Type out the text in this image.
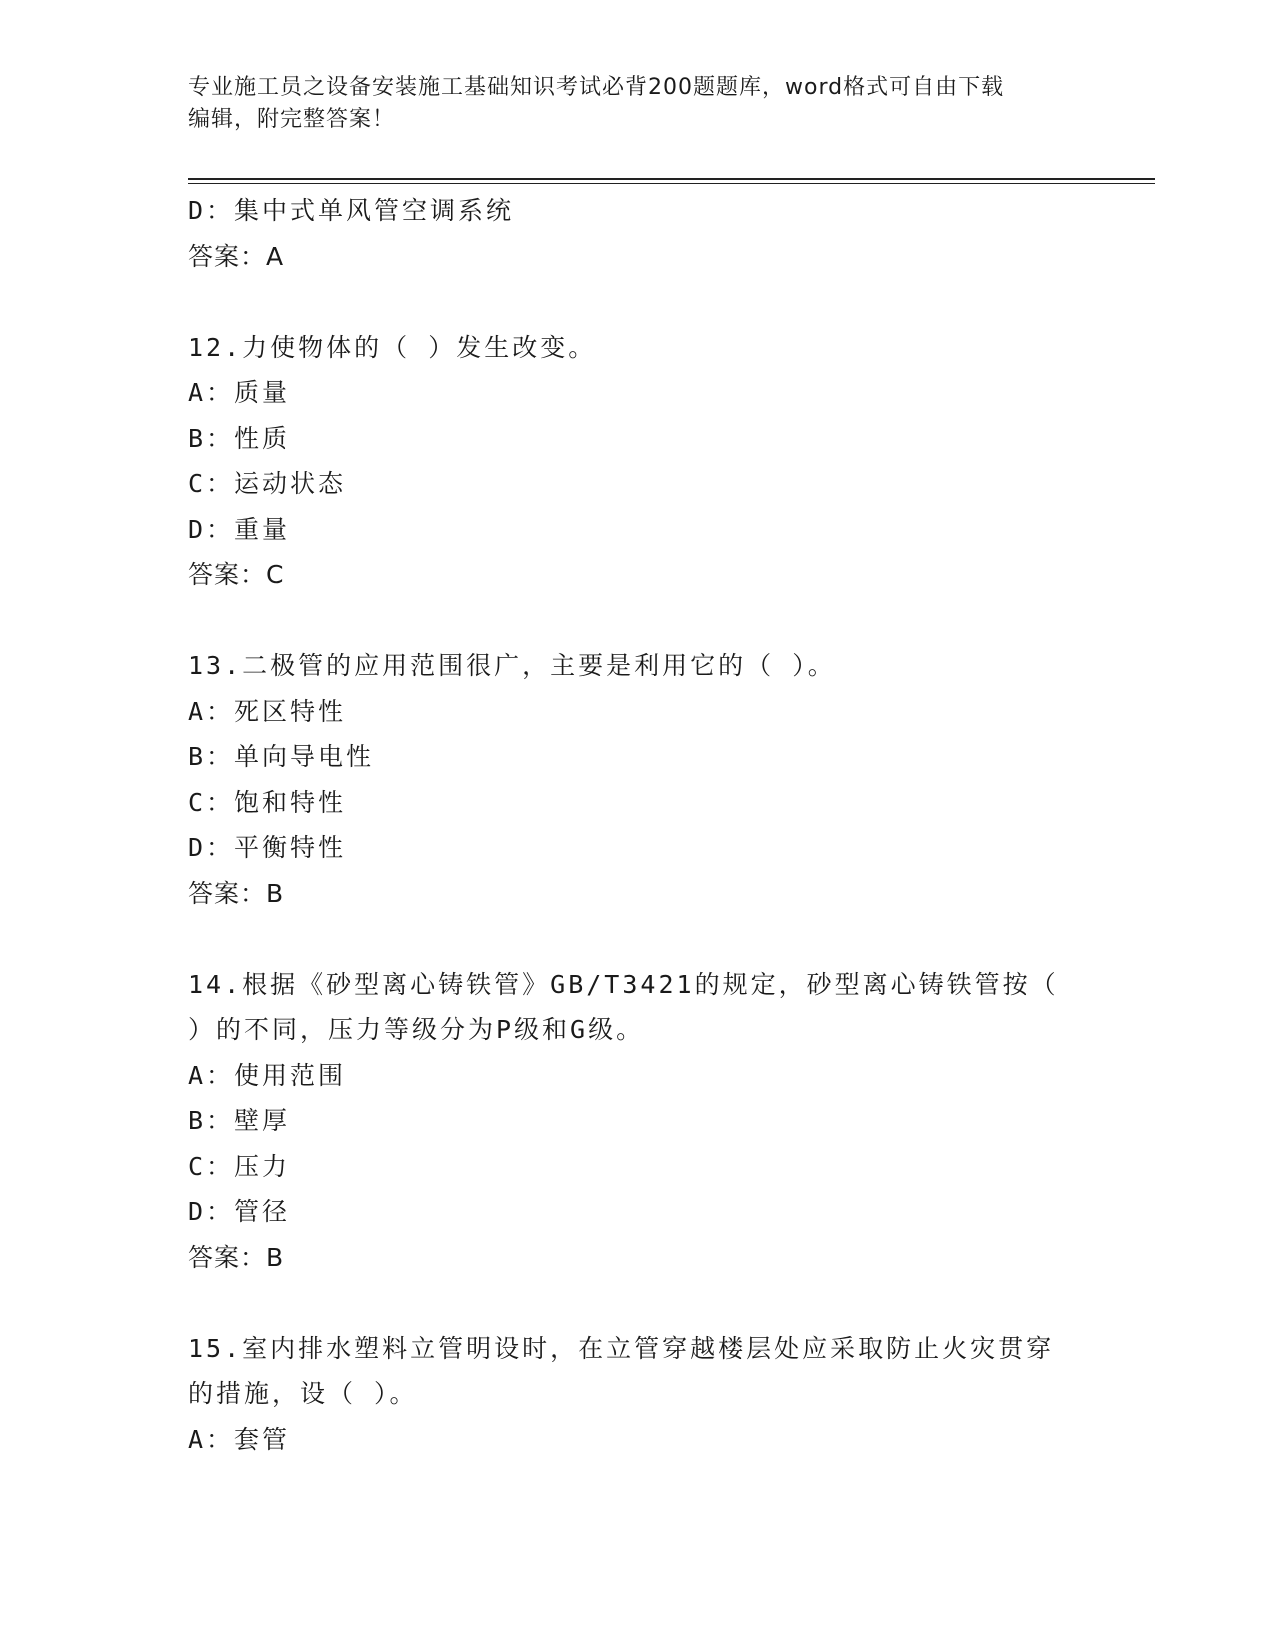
专业施工员之设备安装施工基础知识考试必背200题题库，word格式可自由下载
编辑，附完整答案！
D：集中式单风管空调系统
答案：A
12.力使物体的（ ）发生改变。
A：质量
B：性质
C：运动状态
D：重量
答案：C
13.二极管的应用范围很广，主要是利用它的（ ）。
A：死区特性
B：单向导电性
C：饱和特性
D：平衡特性
答案：B
14.根据《砂型离心铸铁管》GB/T3421的规定，砂型离心铸铁管按（
）的不同，压力等级分为P级和G级。
A：使用范围
B：壁厚
C：压力
D：管径
答案：B
15.室内排水塑料立管明设时，在立管穿越楼层处应采取防止火灾贯穿
的措施，设（ ）。
A：套管
